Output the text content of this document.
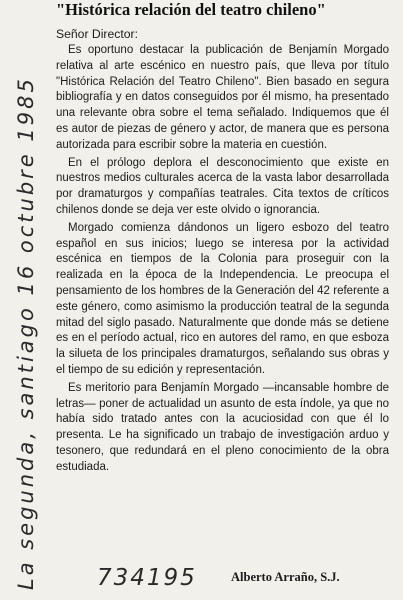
La segunda, santiago 16 octubre 1985
"Histórica relación del teatro chileno"

Señor Director:

Es oportuno destacar la publicación de Benjamín Morgado relativa al arte escénico en nuestro país, que lleva por título "Histórica Relación del Teatro Chileno". Bien basado en segura bibliografía y en datos conseguidos por él mismo, ha presentado una relevante obra sobre el tema señalado. Indiquemos que él es autor de piezas de género y actor, de manera que es persona autorizada para escribir sobre la materia en cuestión.

En el prólogo deplora el desconocimiento que existe en nuestros medios culturales acerca de la vasta labor desarrollada por dramaturgos y compañías teatrales. Cita textos de críticos chilenos donde se deja ver este olvido o ignorancia.

Morgado comienza dándonos un ligero esbozo del teatro español en sus inicios; luego se interesa por la actividad escénica en tiempos de la Colonia para proseguir con la realizada en la época de la Independencia. Le preocupa el pensamiento de los hombres de la Generación del 42 referente a este género, como asimismo la producción teatral de la segunda mitad del siglo pasado. Naturalmente que donde más se detiene es en el período actual, rico en autores del ramo, en que esboza la silueta de los principales dramaturgos, señalando sus obras y el tiempo de su edición y representación.

Es meritorio para Benjamín Morgado —incansable hombre de letras— poner de actualidad un asunto de esta índole, ya que no había sido tratado antes con la acuciosidad con que él lo presenta. Le ha significado un trabajo de investigación arduo y tesonero, que redundará en el pleno conocimiento de la obra estudiada.

734195	Alberto Arraño, S.J.
